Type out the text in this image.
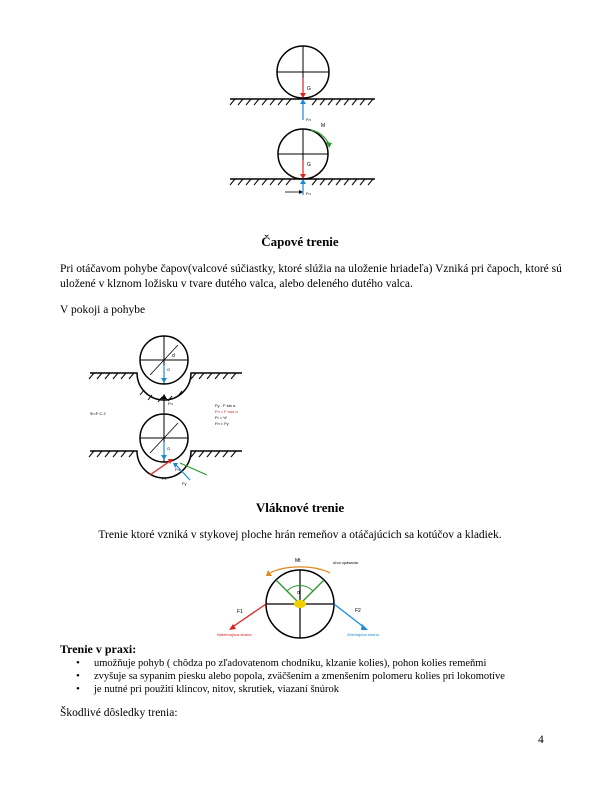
G
Fn
M
G
Fn
Čapové trenie
Pri otáčavom pohybe čapov(valcové súčiastky, ktoré slúžia na uloženie hriadeľa) Vzniká pri čapoch, ktoré sú
uložené v klznom ložisku v tvare dutého valca, alebo deleného dutého valca.
V pokoji a pohybe
d
G
Fn
Ψ=F·C.2
Fy - F·sin α
Fn = F·cos α
Fr = Ψ
Fn < Fy
G
Fc
Fy
Fn
Vláknové trenie
Trenie ktoré vzniká v stykovej ploche hrán remeňov a otáčajúcich sa kotúčov a kladiek.
Mt	uhol opásania
α
F1
Nabiehajúca strana
F2
Zbiehajúca strana
Trenie v praxi:
• umožňuje pohyb ( chôdza po zľadovatenom chodníku, klzanie kolies), pohon kolies remeňmi
• zvyšuje sa sypaním piesku alebo popola, zväčšením a zmenšením polomeru kolies pri lokomotíve
• je nutné pri použití klincov, nitov, skrutiek, viazaní šnúrok
Škodlivé dôsledky trenia:
4
